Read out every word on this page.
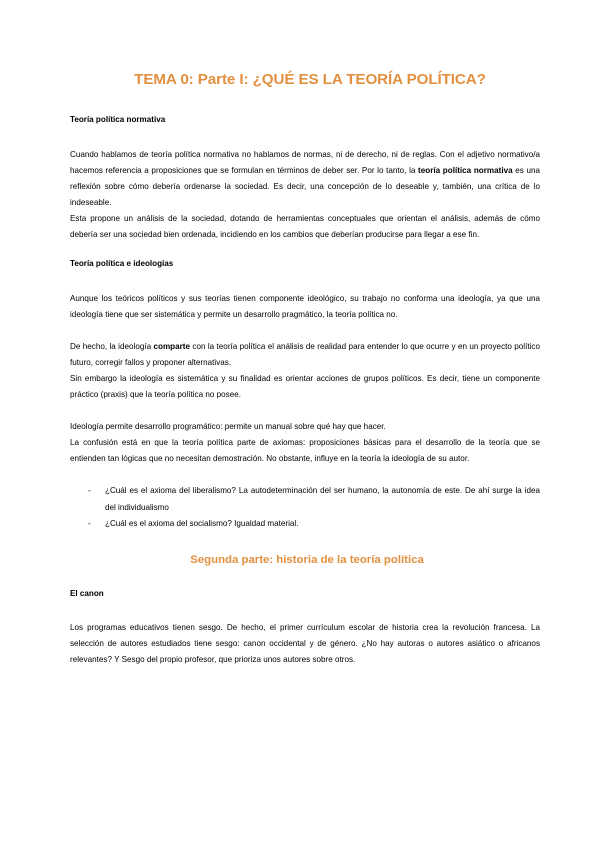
TEMA 0: Parte I: ¿QUÉ ES LA TEORÍA POLÍTICA?
Teoría política normativa

Cuando hablamos de teoría política normativa no hablamos de normas, ni de derecho, ni de reglas. Con el adjetivo normativo/a hacemos referencia a proposiciones que se formulan en términos de deber ser. Por lo tanto, la teoría política normativa es una reflexión sobre cómo debería ordenarse la sociedad. Es decir, una concepción de lo deseable y, también, una crítica de lo indeseable.

Esta propone un análisis de la sociedad, dotando de herramientas conceptuales que orientan el análisis, además de cómo debería ser una sociedad bien ordenada, incidiendo en los cambios que deberían producirse para llegar a ese fin.

Teoría política e ideologías

Aunque los teóricos políticos y sus teorías tienen componente ideológico, su trabajo no conforma una ideología, ya que una ideología tiene que ser sistemática y permite un desarrollo pragmático, la teoría política no.

De hecho, la ideología comparte con la teoría política el análisis de realidad para entender lo que ocurre y en un proyecto político futuro, corregir fallos y proponer alternativas.

Sin embargo la ideología es sistemática y su finalidad es orientar acciones de grupos políticos. Es decir, tiene un componente práctico (praxis) que la teoría política no posee.

Ideología permite desarrollo programático: permite un manual sobre qué hay que hacer.

La confusión está en que la teoría política parte de axiomas: proposiciones básicas para el desarrollo de la teoría que se entienden tan lógicas que no necesitan demostración. No obstante, influye en la teoría la ideología de su autor.

- ¿Cuál es el axioma del liberalismo? La autodeterminación del ser humano, la autonomía de este. De ahí surge la idea del individualismo
- ¿Cuál es el axioma del socialismo? Igualdad material.
Segunda parte: historia de la teoría política
El canon

Los programas educativos tienen sesgo. De hecho, el primer currículum escolar de historia crea la revolución francesa. La selección de autores estudiados tiene sesgo: canon occidental y de género. ¿No hay autoras o autores asiático o africanos relevantes? Y Sesgo del propio profesor, que prioriza unos autores sobre otros.
